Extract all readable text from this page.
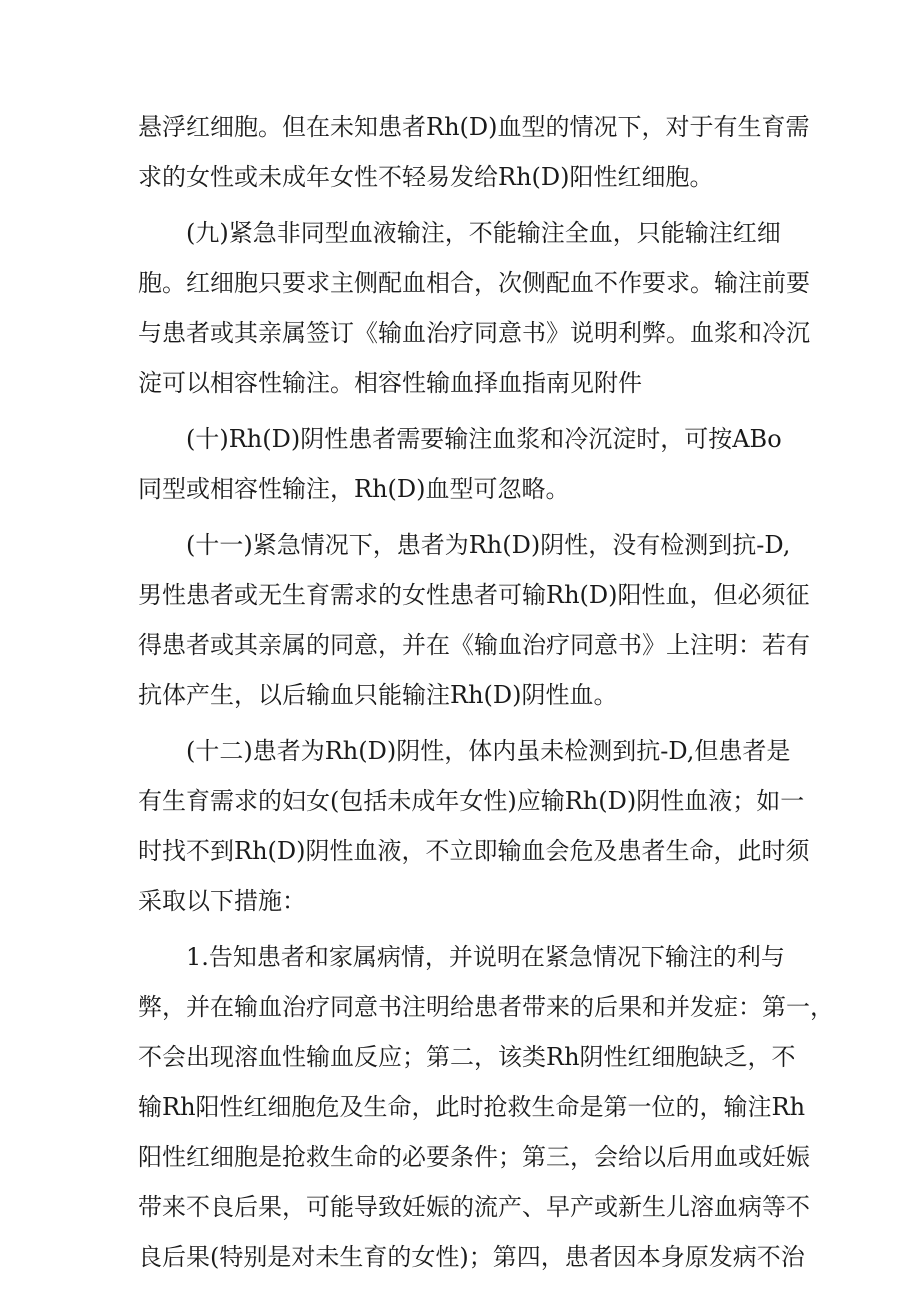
悬浮红细胞。但在未知患者Rh(D)血型的情况下，对于有生育需
求的女性或未成年女性不轻易发给Rh(D)阳性红细胞。
(九)紧急非同型血液输注，不能输注全血，只能输注红细
胞。红细胞只要求主侧配血相合，次侧配血不作要求。输注前要
与患者或其亲属签订《输血治疗同意书》说明利弊。血浆和冷沉
淀可以相容性输注。相容性输血择血指南见附件
(十)Rh(D)阴性患者需要输注血浆和冷沉淀时，可按ABo
同型或相容性输注，Rh(D)血型可忽略。
(十一)紧急情况下，患者为Rh(D)阴性，没有检测到抗-D,
男性患者或无生育需求的女性患者可输Rh(D)阳性血，但必须征
得患者或其亲属的同意，并在《输血治疗同意书》上注明：若有
抗体产生，以后输血只能输注Rh(D)阴性血。
(十二)患者为Rh(D)阴性，体内虽未检测到抗-D,但患者是
有生育需求的妇女(包括未成年女性)应输Rh(D)阴性血液；如一
时找不到Rh(D)阴性血液，不立即输血会危及患者生命，此时须
采取以下措施：
1.告知患者和家属病情，并说明在紧急情况下输注的利与
弊，并在输血治疗同意书注明给患者带来的后果和并发症：第一，
不会出现溶血性输血反应；第二，该类Rh阴性红细胞缺乏，不
输Rh阳性红细胞危及生命，此时抢救生命是第一位的，输注Rh
阳性红细胞是抢救生命的必要条件；第三，会给以后用血或妊娠
带来不良后果，可能导致妊娠的流产、早产或新生儿溶血病等不
良后果(特别是对未生育的女性)；第四，患者因本身原发病不治
